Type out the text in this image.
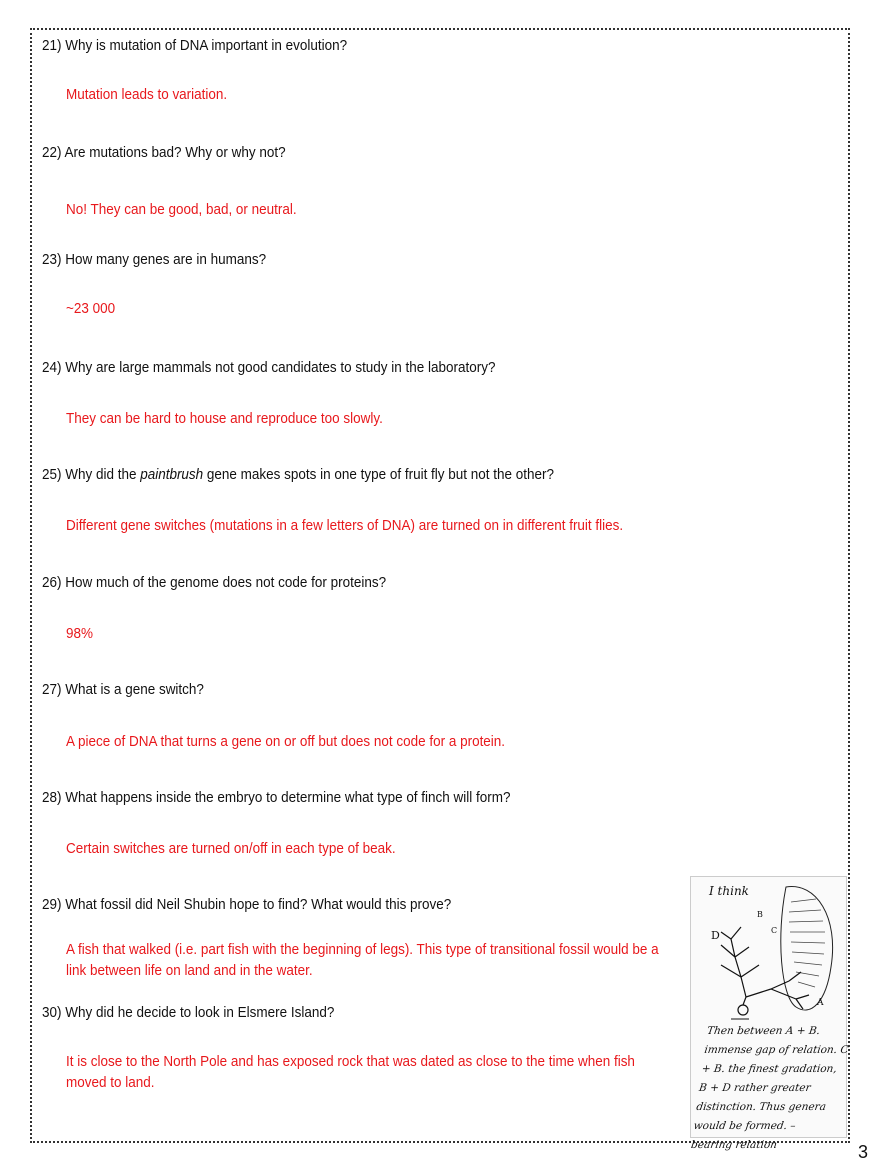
21) Why is mutation of DNA important in evolution?
Mutation leads to variation.
22) Are mutations bad? Why or why not?
No! They can be good, bad, or neutral.
23) How many genes are in humans?
~23 000
24) Why are large mammals not good candidates to study in the laboratory?
They can be hard to house and reproduce too slowly.
25) Why did the paintbrush gene makes spots in one type of fruit fly but not the other?
Different gene switches (mutations in a few letters of DNA) are turned on in different fruit flies.
26) How much of the genome does not code for proteins?
98%
27) What is a gene switch?
A piece of DNA that turns a gene on or off but does not code for a protein.
28) What happens inside the embryo to determine what type of finch will form?
Certain switches are turned on/off in each type of beak.
29) What fossil did Neil Shubin hope to find? What would this prove?
A fish that walked (i.e. part fish with the beginning of legs). This type of transitional fossil would be a link between life on land and in the water.
30) Why did he decide to look in Elsmere Island?
It is close to the North Pole and has exposed rock that was dated as close to the time when fish moved to land.
I think
D
B
C
A
Then between A + B. immense gap of relation. C + B. the finest gradation, B + D rather greater distinction. Thus genera would be formed. – bearing relation	3
